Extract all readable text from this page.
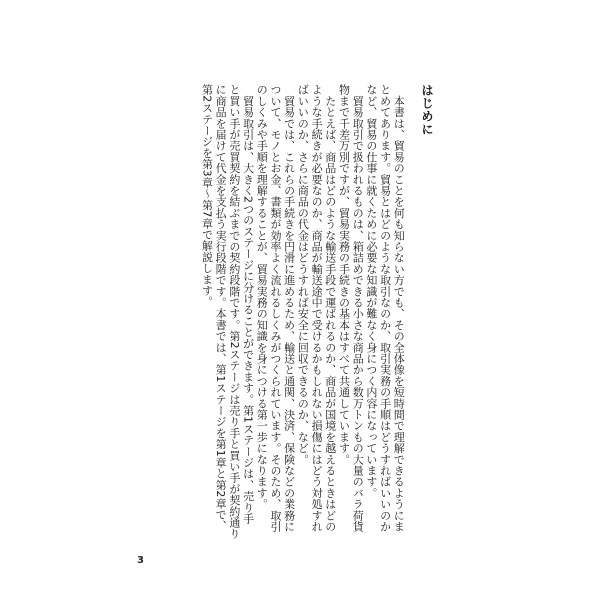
はじめに
　本書は、貿易のことを何も知らない方でも、その全体像を短時間で理解できるようにま
とめてあります。貿易とはどのような取引なのか、取引実務の手順はどうすればいいのか
など、貿易の仕事に就くために必要な知識が難なく身につく内容になっています。
　貿易取引で扱われるものは、箱詰めできる小さな商品から数万トンもの大量のバラ荷貨
物まで千差万別ですが、貿易実務の手続きの基本はすべて共通しています。
　たとえば、商品はどのような輸送手段で運ばれるのか、商品が国境を越えるときはどの
ような手続きが必要なのか、商品が輸送途中で受けるかもしれない損傷にはどう対処すれ
ばいいのか、さらに商品の代金はどうすれば安全に回収できるのか、など。
　貿易では、これらの手続きを円滑に進めるため、輸送と通関、決済、保険などの業務に
ついて、モノとお金、書類が効率よく流れるしくみがつくられています。そのため、取引
のしくみや手順を理解することが、貿易実務の知識を身につける第一歩になります。
　貿易取引は、大きく2つのステージに分けることができます。第1ステージは、売り手
と買い手が売買契約を結ぶまでの契約段階です。第2ステージは売り手と買い手が契約通り
に商品を届けて代金を支払う実行段階です。本書では、第1ステージを第1章と第2章で、
第2ステージを第3章〜第7章で解説します。
3
